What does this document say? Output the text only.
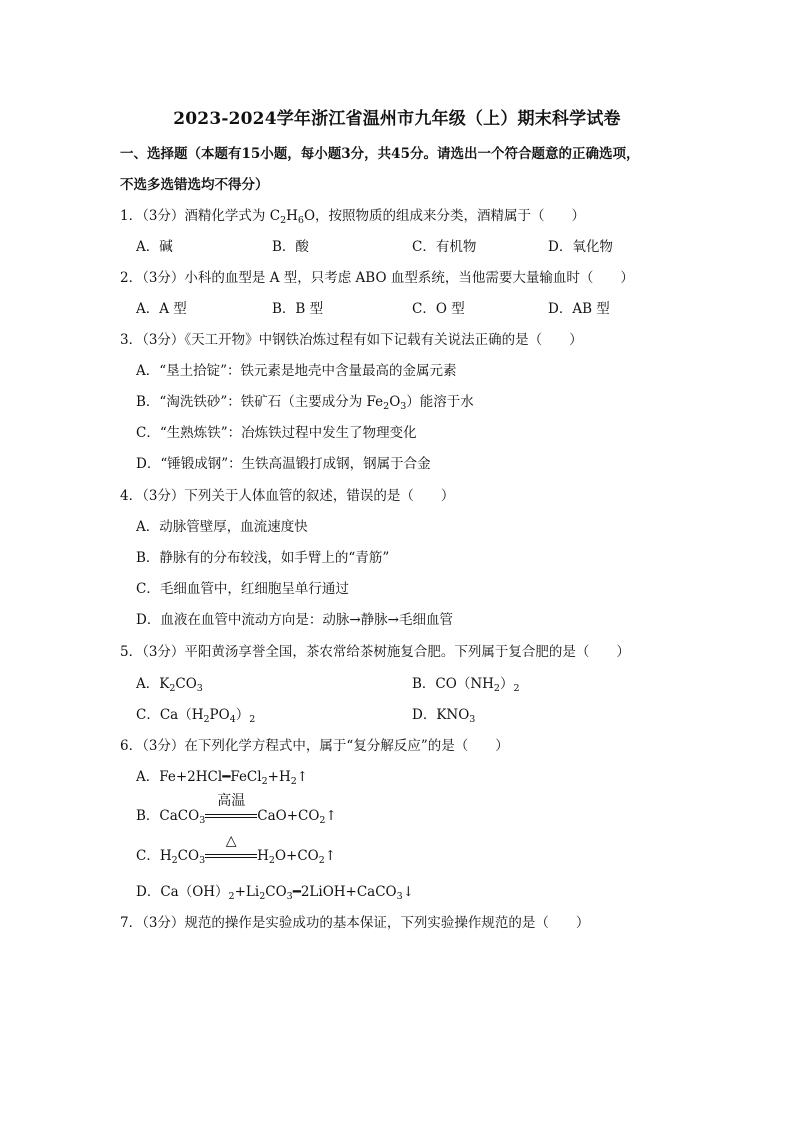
2023-2024学年浙江省温州市九年级（上）期末科学试卷
一、选择题（本题有15小题，每小题3分，共45分。请选出一个符合题意的正确选项，
不选多选错选均不得分）
1．（3分）酒精化学式为 $C_2H_6O$，按照物质的组成来分类，酒精属于（　　）
A．碱	B．酸	C．有机物	D．氧化物
2．（3分）小科的血型是 A 型，只考虑 ABO 血型系统，当他需要大量输血时（　　）
A．A 型	B．B 型	C．O 型	D．AB 型
3．（3分）《天工开物》中钢铁冶炼过程有如下记载有关说法正确的是（　　）
A．“垦土拾锭”：铁元素是地壳中含量最高的金属元素
B．“淘洗铁砂”：铁矿石（主要成分为 $Fe_2O_3$）能溶于水
C．“生熟炼铁”：冶炼铁过程中发生了物理变化
D．“锤锻成钢”：生铁高温锻打成钢，钢属于合金
4．（3分）下列关于人体血管的叙述，错误的是（　　）
A．动脉管壁厚，血流速度快
B．静脉有的分布较浅，如手臂上的“青筋”
C．毛细血管中，红细胞呈单行通过
D．血液在血管中流动方向是：动脉→静脉→毛细血管
5．（3分）平阳黄汤享誉全国，茶农常给茶树施复合肥。下列属于复合肥的是（　　）
A．$K_2CO_3$	B．$CO(NH_2)_2$
C．$Ca(H_2PO_4)_2$	D．$KNO_3$
6．（3分）在下列化学方程式中，属于“复分解反应”的是（　　）
A．$Fe+2HCl━FeCl_2+H_2↑$
B．CaCO$_3$
高温
$CaO+CO_2↑$
C．$H_2CO_3$
△
$H_2O+CO_2↑$
D．$Ca(OH)_2+Li_2CO_3━2LiOH+CaCO_3↓$
7．（3分）规范的操作是实验成功的基本保证，下列实验操作规范的是（　　）
